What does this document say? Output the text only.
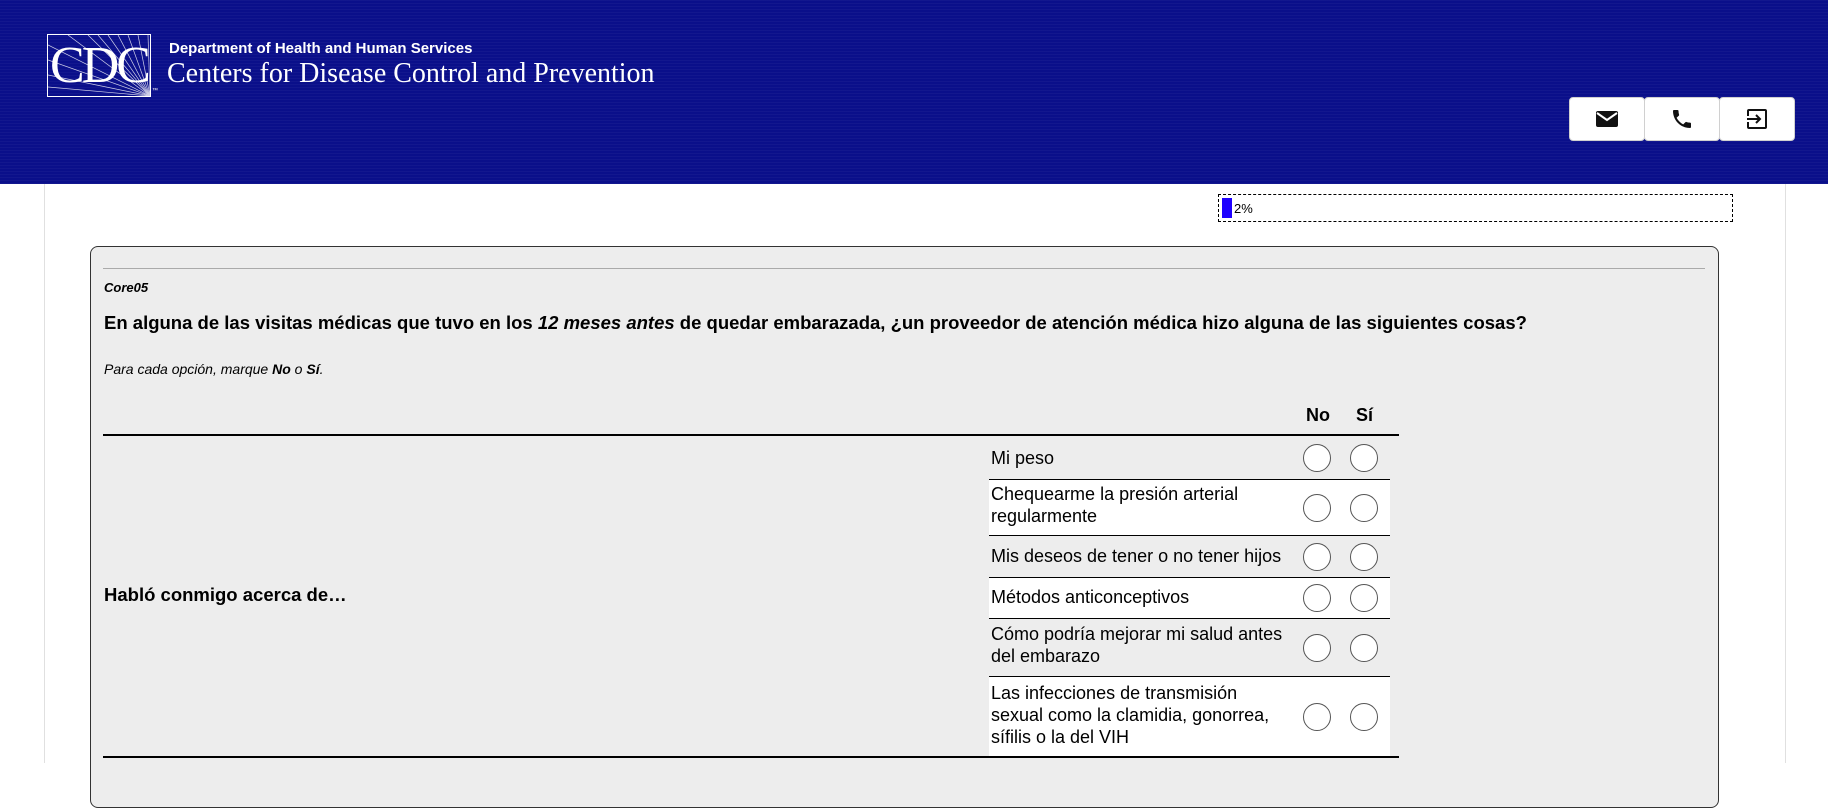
CDC ™
Department of Health and Human Services
Centers for Disease Control and Prevention
2%
Core05
En alguna de las visitas médicas que tuvo en los 12 meses antes de quedar embarazada, ¿un proveedor de atención médica hizo alguna de las siguientes cosas?
Para cada opción, marque No o Sí.
No Sí
Habló conmigo acerca de…
Mi peso
Chequearme la presión arterial regularmente
Mis deseos de tener o no tener hijos
Métodos anticonceptivos
Cómo podría mejorar mi salud antes del embarazo
Las infecciones de transmisión sexual como la clamidia, gonorrea, sífilis o la del VIH
